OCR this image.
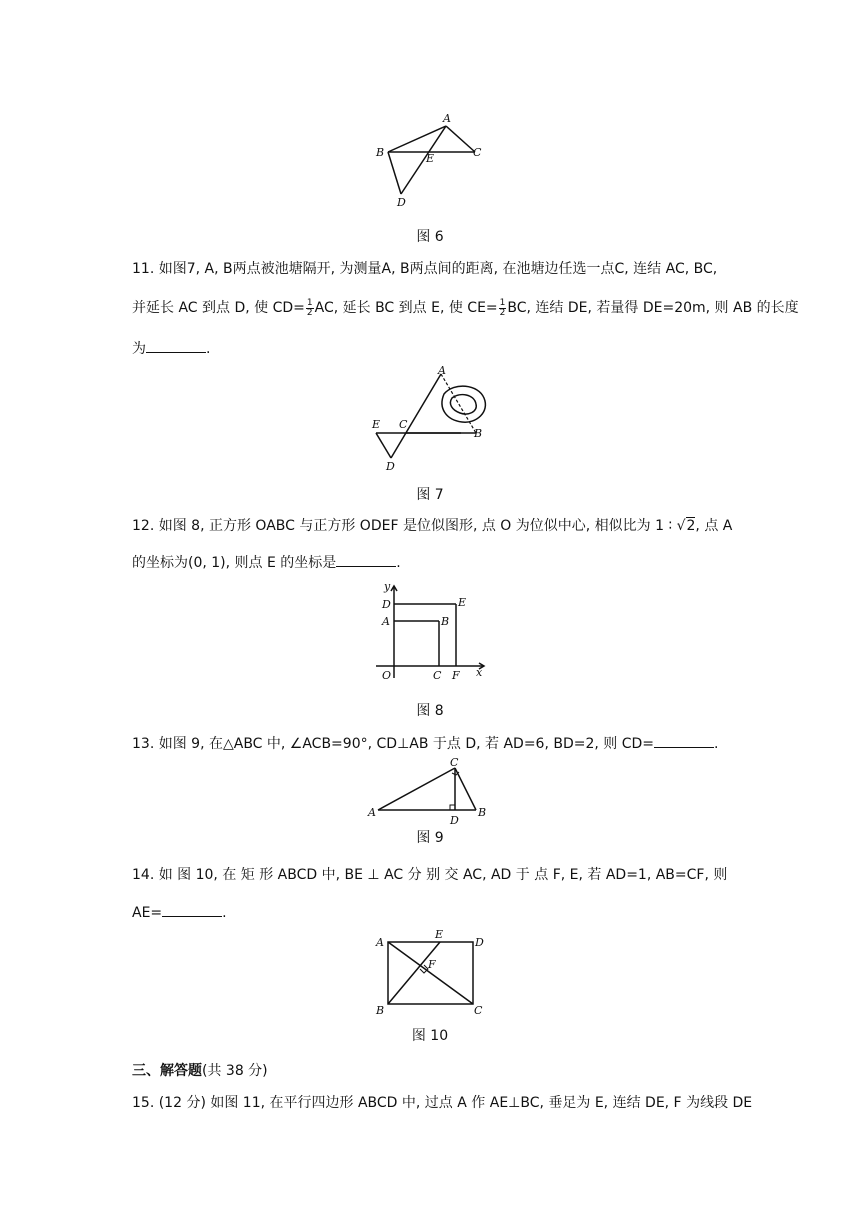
A
B	C
E
D
图 6
11. 如图7, A, B两点被池塘隔开, 为测量A, B两点间的距离, 在池塘边任选一点C, 连结 AC, BC,
并延长 AC 到点 D, 使 $CD= \frac{1}{2}$ AC, 延长 BC 到点 E, 使 $CE= \frac{1}{2}$ BC, 连结 DE, 若量得 DE=20m, 则 AB 的长度
为	.
A
E C
B
D
图 7
12. 如图 8, 正方形 OABC 与正方形 ODEF 是位似图形, 点 O 为位似中心, 相似比为 1 ∶ √2, 点 A
的坐标为(0, 1), 则点 E 的坐标是	.
y
D	E
A	B
O	C F x
图 8
13. 如图 9, 在△ABC 中, ∠ACB=90°, CD⊥AB 于点 D, 若 AD=6, BD=2, 则 CD=	.
C
A
D
B
图 9
14. 如 图 10, 在 矩 形 ABCD 中, BE ⊥ AC 分 别 交 AC, AD 于 点 F, E, 若 AD=1, AB=CF, 则
AE=	.
A
E
D
F
B	C
图 10
三、解答题(共 38 分)
15. (12 分) 如图 11, 在平行四边形 ABCD 中, 过点 A 作 AE⊥BC, 垂足为 E, 连结 DE, F 为线段 DE
